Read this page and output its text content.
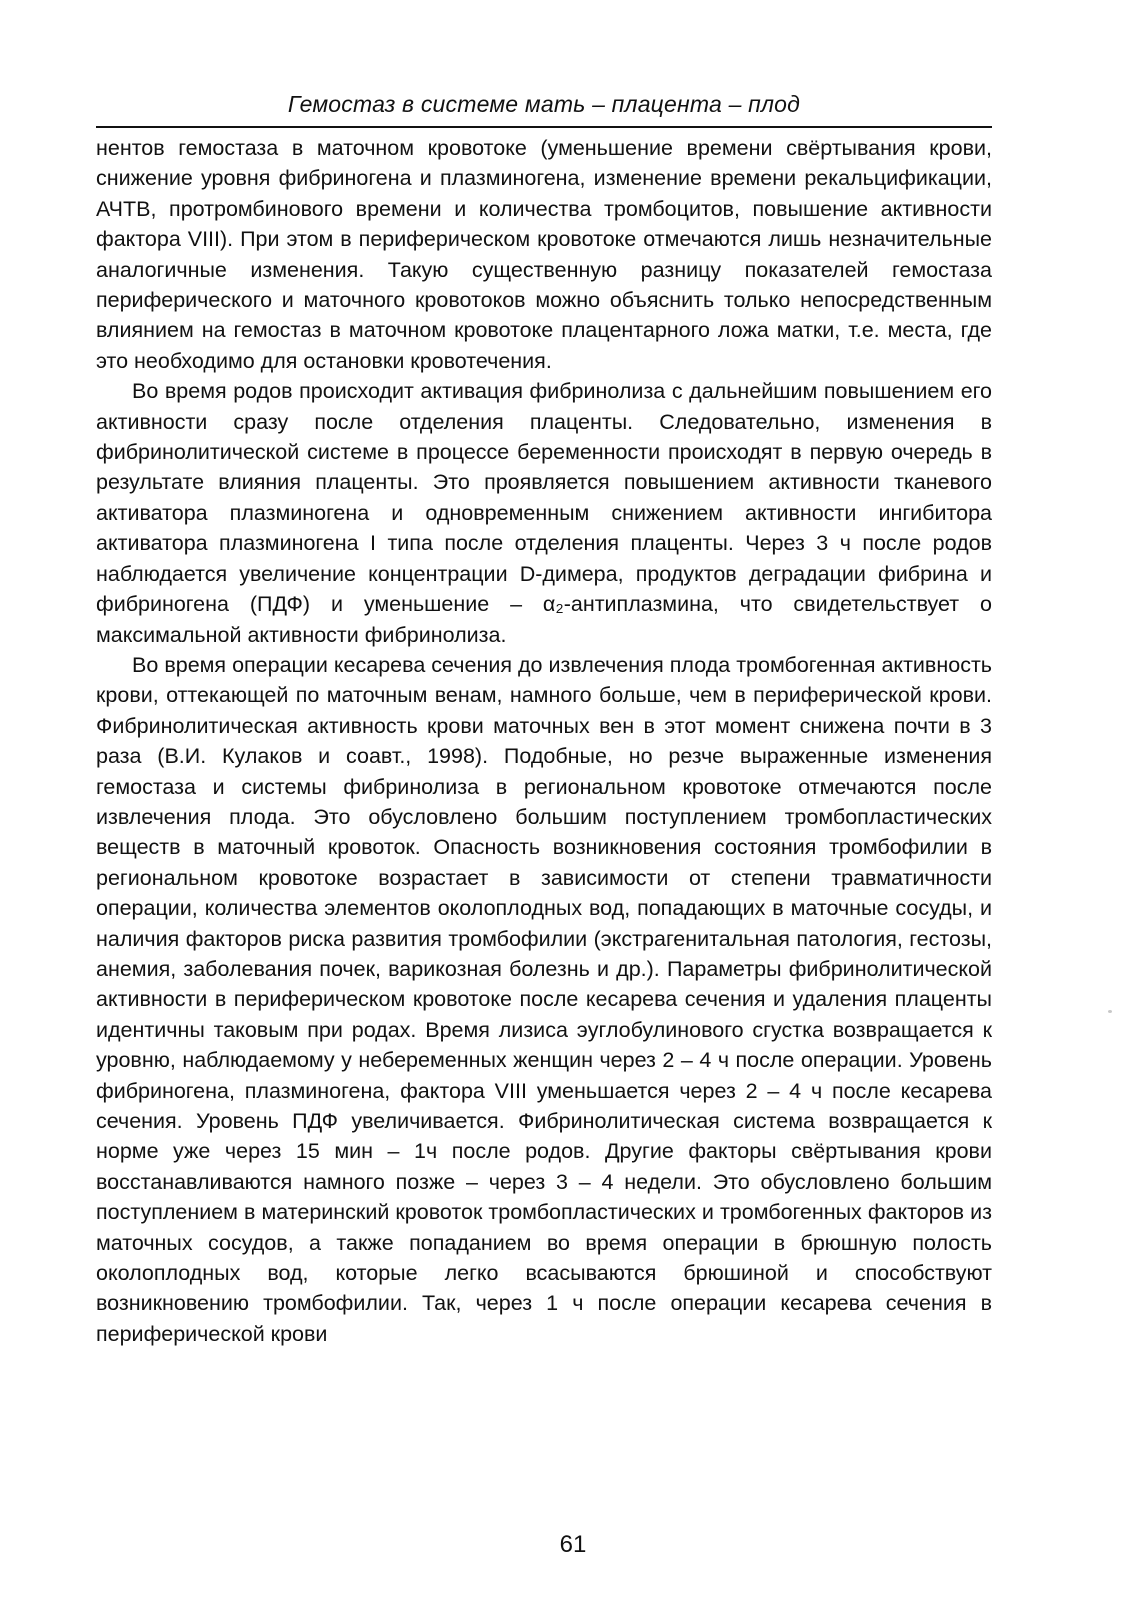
Гемостаз в системе мать – плацента – плод

нентов гемостаза в маточном кровотоке (уменьшение времени свёртывания крови, снижение уровня фибриногена и плазминогена, изменение времени рекальцификации, АЧТВ, протромбинового времени и количества тромбоцитов, повышение активности фактора VIII). При этом в периферическом кровотоке отмечаются лишь незначительные аналогичные изменения. Такую существенную разницу показателей гемостаза периферического и маточного кровотоков можно объяснить только непосредственным влиянием на гемостаз в маточном кровотоке плацентарного ложа матки, т.е. места, где это необходимо для остановки кровотечения.

Во время родов происходит активация фибринолиза с дальнейшим повышением его активности сразу после отделения плаценты. Следовательно, изменения в фибринолитической системе в процессе беременности происходят в первую очередь в результате влияния плаценты. Это проявляется повышением активности тканевого активатора плазминогена и одновременным снижением активности ингибитора активатора плазминогена I типа после отделения плаценты. Через 3 ч после родов наблюдается увеличение концентрации D-димера, продуктов деградации фибрина и фибриногена (ПДФ) и уменьшение – α₂-антиплазмина, что свидетельствует о максимальной активности фибринолиза.

Во время операции кесарева сечения до извлечения плода тромбогенная активность крови, оттекающей по маточным венам, намного больше, чем в периферической крови. Фибринолитическая активность крови маточных вен в этот момент снижена почти в 3 раза (В.И. Кулаков и соавт., 1998). Подобные, но резче выраженные изменения гемостаза и системы фибринолиза в региональном кровотоке отмечаются после извлечения плода. Это обусловлено большим поступлением тромбопластических веществ в маточный кровоток. Опасность возникновения состояния тромбофилии в региональном кровотоке возрастает в зависимости от степени травматичности операции, количества элементов околоплодных вод, попадающих в маточные сосуды, и наличия факторов риска развития тромбофилии (экстрагенитальная патология, гестозы, анемия, заболевания почек, варикозная болезнь и др.). Параметры фибринолитической активности в периферическом кровотоке после кесарева сечения и удаления плаценты идентичны таковым при родах. Время лизиса эуглобулинового сгустка возвращается к уровню, наблюдаемому у небеременных женщин через 2 – 4 ч после операции. Уровень фибриногена, плазминогена, фактора VIII уменьшается через 2 – 4 ч после кесарева сечения. Уровень ПДФ увеличивается. Фибринолитическая система возвращается к норме уже через 15 мин – 1ч после родов. Другие факторы свёртывания крови восстанавливаются намного позже – через 3 – 4 недели. Это обусловлено большим поступлением в материнский кровоток тромбопластических и тромбогенных факторов из маточных сосудов, а также попаданием во время операции в брюшную полость околоплодных вод, которые легко всасываются брюшиной и способствуют возникновению тромбофилии. Так, через 1 ч после операции кесарева сечения в периферической крови

61
